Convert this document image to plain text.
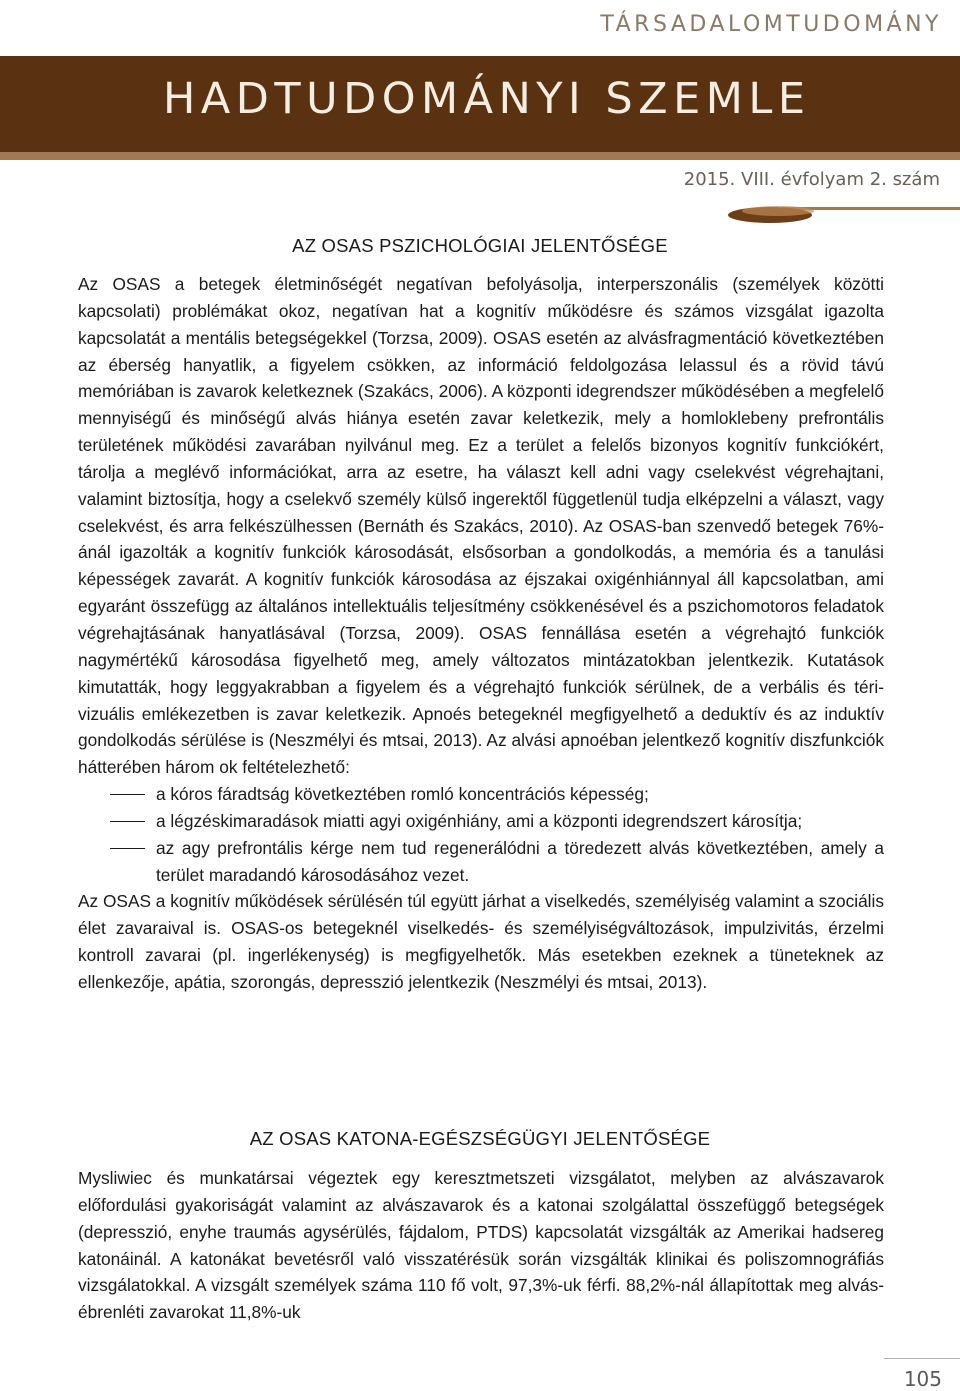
TÁRSADALOMTUDOMÁNY
HADTUDOMÁNYI SZEMLE
2015. VIII. évfolyam 2. szám
AZ OSAS PSZICHOLÓGIAI JELENTŐSÉGE

Az OSAS a betegek életminőségét negatívan befolyásolja, interperszonális (személyek közötti kapcsolati) problémákat okoz, negatívan hat a kognitív működésre és számos vizsgálat igazolta kapcsolatát a mentális betegségekkel (Torzsa, 2009). OSAS esetén az alvásfragmentáció következtében az éberség hanyatlik, a figyelem csökken, az információ feldolgozása lelassul és a rövid távú memóriában is zavarok keletkeznek (Szakács, 2006). A központi idegrendszer működésében a megfelelő mennyiségű és minőségű alvás hiánya esetén zavar keletkezik, mely a homloklebeny prefrontális területének működési zavarában nyilvánul meg. Ez a terület a felelős bizonyos kognitív funkciókért, tárolja a meglévő információkat, arra az esetre, ha választ kell adni vagy cselekvést végrehajtani, valamint biztosítja, hogy a cselekvő személy külső ingerektől függetlenül tudja elképzelni a választ, vagy cselekvést, és arra felkészülhessen (Bernáth és Szakács, 2010). Az OSAS-ban szenvedő betegek 76%-ánál igazolták a kognitív funkciók károsodását, elsősorban a gondolkodás, a memória és a tanulási képességek zavarát. A kognitív funkciók károsodása az éjszakai oxigénhiánnyal áll kapcsolatban, ami egyaránt összefügg az általános intellektuális teljesítmény csökkenésével és a pszichomotoros feladatok végrehajtásának hanyatlásával (Torzsa, 2009). OSAS fennállása esetén a végrehajtó funkciók nagymértékű károsodása figyelhető meg, amely változatos mintázatokban jelentkezik. Kutatások kimutatták, hogy leggyakrabban a figyelem és a végrehajtó funkciók sérülnek, de a verbális és téri-vizuális emlékezetben is zavar keletkezik. Apnoés betegeknél megfigyelhető a deduktív és az induktív gondolkodás sérülése is (Neszmélyi és mtsai, 2013). Az alvási apnoéban jelentkező kognitív diszfunkciók hátterében három ok feltételezhető:

a kóros fáradtság következtében romló koncentrációs képesség;
a légzéskimaradások miatti agyi oxigénhiány, ami a központi idegrendszert károsítja;
az agy prefrontális kérge nem tud regenerálódni a töredezett alvás következtében, amely a terület maradandó károsodásához vezet.

Az OSAS a kognitív működések sérülésén túl együtt járhat a viselkedés, személyiség valamint a szociális élet zavaraival is. OSAS-os betegeknél viselkedés- és személyiségváltozások, impulzivitás, érzelmi kontroll zavarai (pl. ingerlékenység) is megfigyelhetők. Más esetekben ezeknek a tüneteknek az ellenkezője, apátia, szorongás, depresszió jelentkezik (Neszmélyi és mtsai, 2013).

AZ OSAS KATONA-EGÉSZSÉGÜGYI JELENTŐSÉGE

Mysliwiec és munkatársai végeztek egy keresztmetszeti vizsgálatot, melyben az alvászavarok előfordulási gyakoriságát valamint az alvászavarok és a katonai szolgálattal összefüggő betegségek (depresszió, enyhe traumás agysérülés, fájdalom, PTDS) kapcsolatát vizsgálták az Amerikai hadsereg katonáinál. A katonákat bevetésről való visszatérésük során vizsgálták klinikai és poliszomnográfiás vizsgálatokkal. A vizsgált személyek száma 110 fő volt, 97,3%-uk férfi. 88,2%-nál állapítottak meg alvás-ébrenléti zavarokat 11,8%-uk

105
